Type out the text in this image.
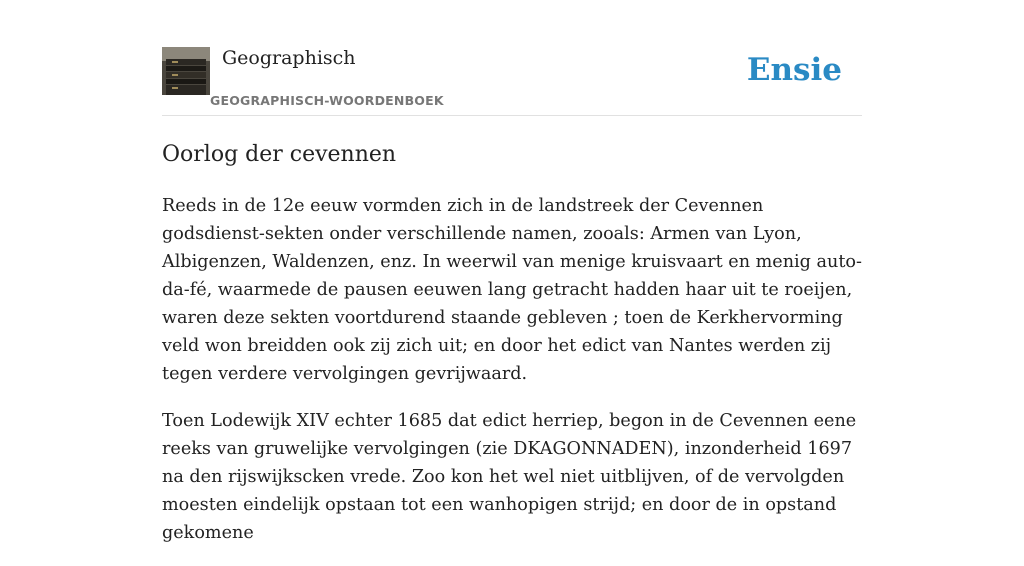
Geographisch
GEOGRAPHISCH-WOORDENBOEK
Ensie
Oorlog der cevennen

Reeds in de 12e eeuw vormden zich in de landstreek der Cevennen godsdienst-sekten onder verschillende namen, zooals: Armen van Lyon, Albigenzen, Waldenzen, enz. In weerwil van menige kruisvaart en menig auto-da-fé, waarmede de pausen eeuwen lang getracht hadden haar uit te roeijen, waren deze sekten voortdurend staande gebleven ; toen de Kerkhervorming veld won breidden ook zij zich uit; en door het edict van Nantes werden zij tegen verdere vervolgingen gevrijwaard.

Toen Lodewijk XIV echter 1685 dat edict herriep, begon in de Cevennen eene reeks van gruwelijke vervolgingen (zie DKAGONNADEN), inzonderheid 1697 na den rijswijkscken vrede. Zoo kon het wel niet uitblijven, of de vervolgden moesten eindelijk opstaan tot een wanhopigen strijd; en door de in opstand gekomene
